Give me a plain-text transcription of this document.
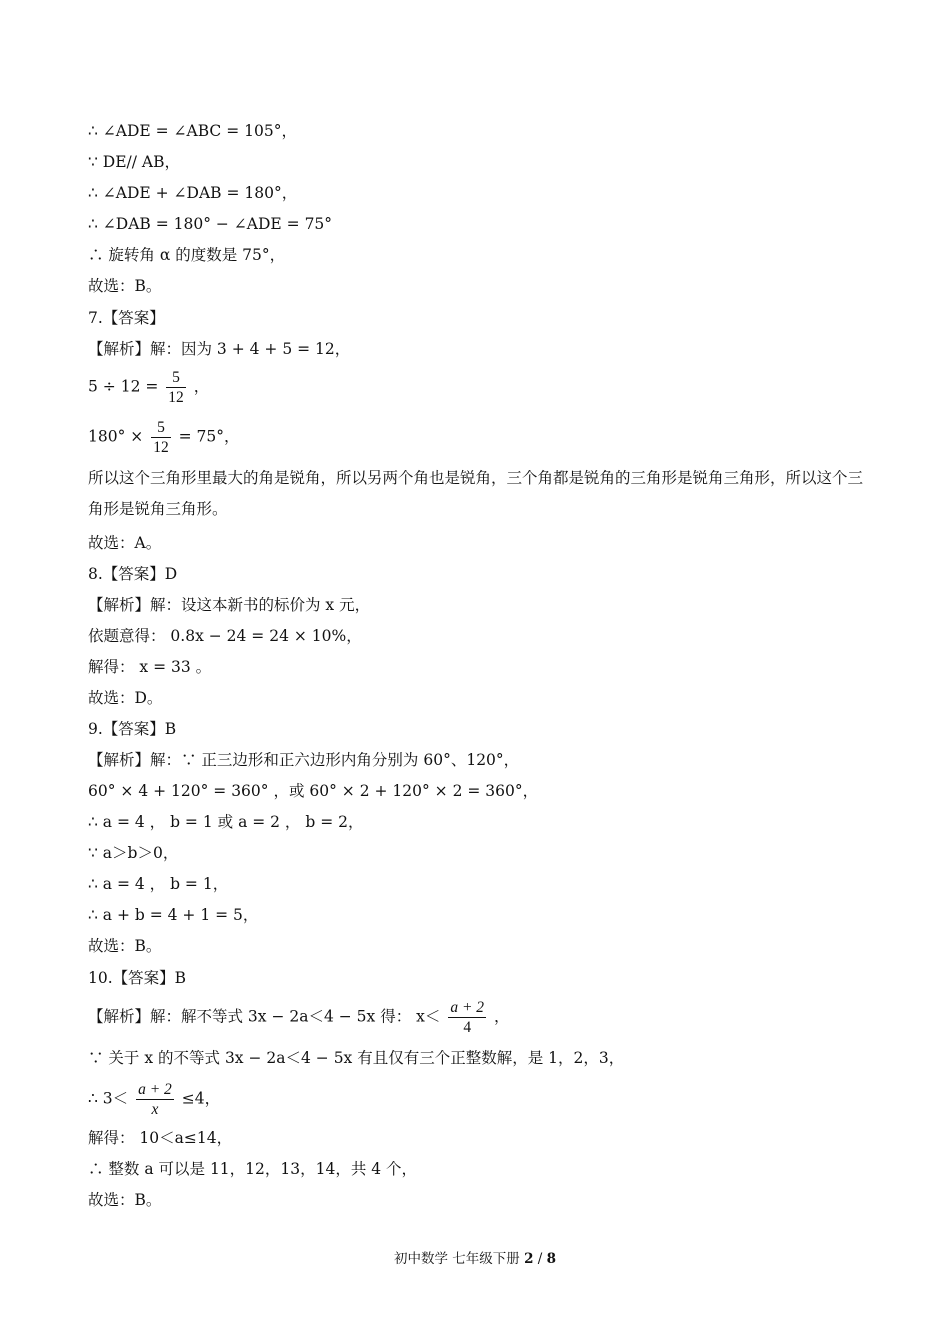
∴ ∠ADE = ∠ABC = 105°，
∵ DE// AB，
∴ ∠ADE + ∠DAB = 180°，
∴ ∠DAB = 180° − ∠ADE = 75°
∴ 旋转角 α 的度数是 75°，
故选：B。
7.【答案】
【解析】解：因为 3 + 4 + 5 = 12，
$5 \div 12 = \frac{5}{12}$ ，
$180^\circ \times \frac{5}{12} = 75^\circ$，
所以这个三角形里最大的角是锐角，所以另两个角也是锐角，三个角都是锐角的三角形是锐角三角形，所以这个三角形是锐角三角形。
故选：A。
8.【答案】D
【解析】解：设这本新书的标价为 x 元，
依题意得： 0.8x − 24 = 24 × 10%，
解得： x = 33 。
故选：D。
9.【答案】B
【解析】解：∵ 正三边形和正六边形内角分别为 60°、120°，
60° × 4 + 120° = 360° ，或 60° × 2 + 120° × 2 = 360°，
∴ a = 4 ， b = 1 或 a = 2 ， b = 2，
∵ a＞b＞0，
∴ a = 4 ， b = 1，
∴ a + b = 4 + 1 = 5，
故选：B。
10.【答案】B
【解析】解：解不等式 3x − 2a＜4 − 5x 得： $x< \frac{a + 2}{4}$ ，
∵ 关于 x 的不等式 3x − 2a＜4 − 5x 有且仅有三个正整数解，是 1，2，3，
∴ $3< \frac{a + 2}{x} \le 4$，
解得： 10＜a≤14，
∴ 整数 a 可以是 11，12，13，14，共 4 个，
故选：B。
初中数学 七年级下册 2 / 8
